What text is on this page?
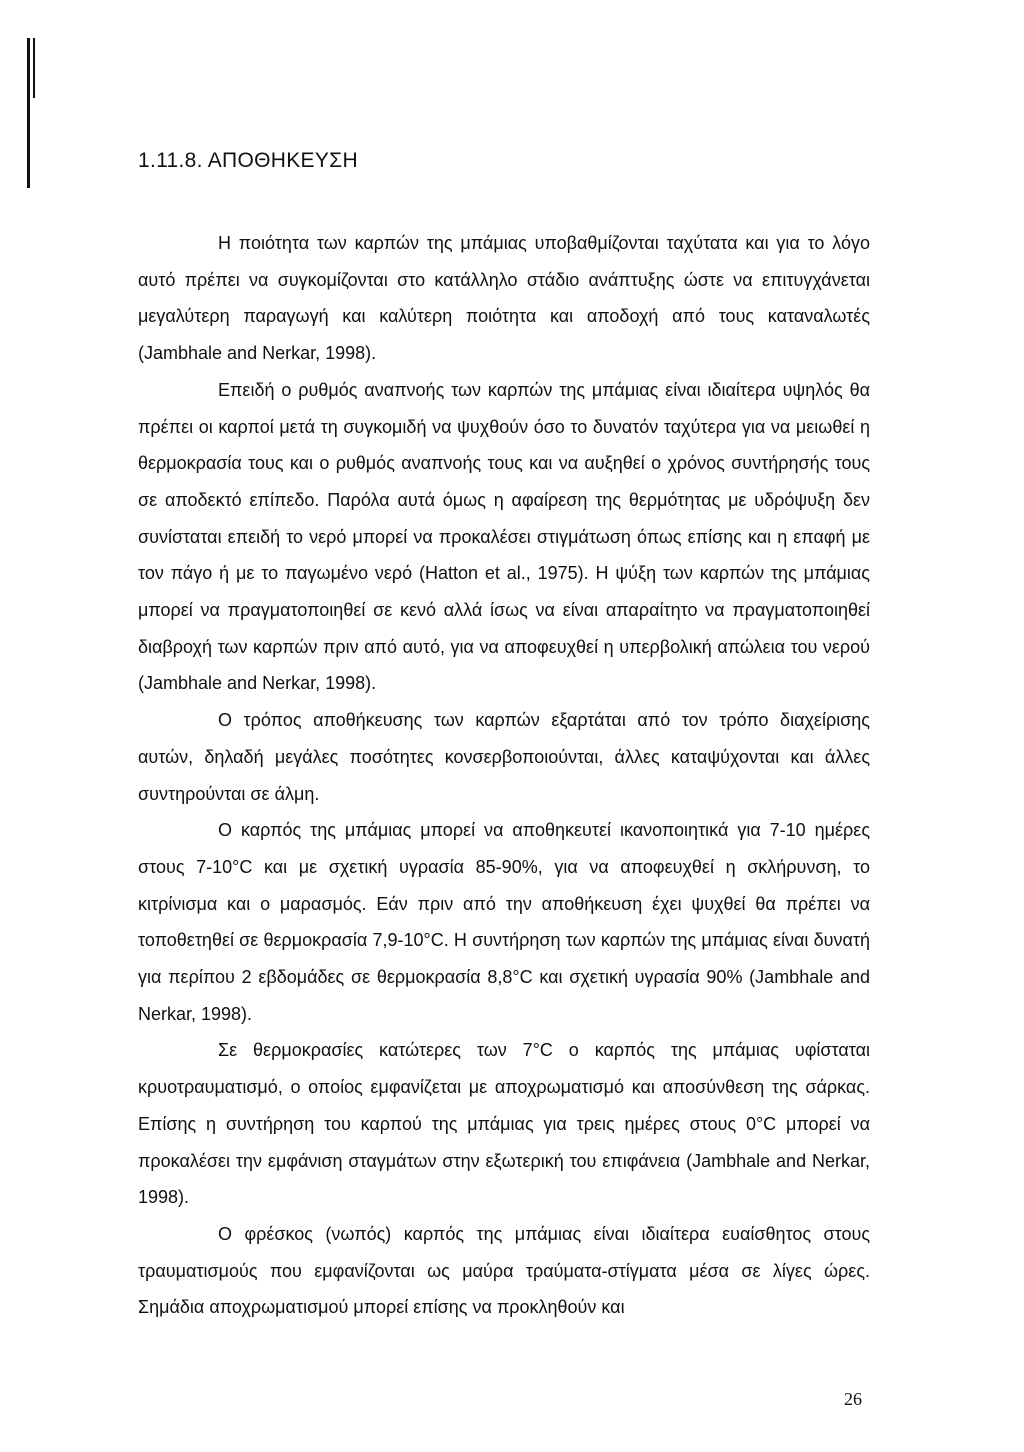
1.11.8. ΑΠΟΘΗΚΕΥΣΗ

Η ποιότητα των καρπών της μπάμιας υποβαθμίζονται ταχύτατα και για το λόγο αυτό πρέπει να συγκομίζονται στο κατάλληλο στάδιο ανάπτυξης ώστε να επιτυγχάνεται μεγαλύτερη παραγωγή και καλύτερη ποιότητα και αποδοχή από τους καταναλωτές (Jambhale and Nerkar, 1998).

Επειδή ο ρυθμός αναπνοής των καρπών της μπάμιας είναι ιδιαίτερα υψηλός θα πρέπει οι καρποί μετά τη συγκομιδή να ψυχθούν όσο το δυνατόν ταχύτερα για να μειωθεί η θερμοκρασία τους και ο ρυθμός αναπνοής τους και να αυξηθεί ο χρόνος συντήρησής τους σε αποδεκτό επίπεδο. Παρόλα αυτά όμως η αφαίρεση της θερμότητας με υδρόψυξη δεν συνίσταται επειδή το νερό μπορεί να προκαλέσει στιγμάτωση όπως επίσης και η επαφή με τον πάγο ή με το παγωμένο νερό (Hatton et al., 1975). Η ψύξη των καρπών της μπάμιας μπορεί να πραγματοποιηθεί σε κενό αλλά ίσως να είναι απαραίτητο να πραγματοποιηθεί διαβροχή των καρπών πριν από αυτό, για να αποφευχθεί η υπερβολική απώλεια του νερού (Jambhale and Nerkar, 1998).

Ο τρόπος αποθήκευσης των καρπών εξαρτάται από τον τρόπο διαχείρισης αυτών, δηλαδή μεγάλες ποσότητες κονσερβοποιούνται, άλλες καταψύχονται και άλλες συντηρούνται σε άλμη.

Ο καρπός της μπάμιας μπορεί να αποθηκευτεί ικανοποιητικά για 7-10 ημέρες στους 7-10°C και με σχετική υγρασία 85-90%, για να αποφευχθεί η σκλήρυνση, το κιτρίνισμα και ο μαρασμός. Εάν πριν από την αποθήκευση έχει ψυχθεί θα πρέπει να τοποθετηθεί σε θερμοκρασία 7,9-10°C. Η συντήρηση των καρπών της μπάμιας είναι δυνατή για περίπου 2 εβδομάδες σε θερμοκρασία 8,8°C και σχετική υγρασία 90% (Jambhale and Nerkar, 1998).

Σε θερμοκρασίες κατώτερες των 7°C ο καρπός της μπάμιας υφίσταται κρυοτραυματισμό, ο οποίος εμφανίζεται με αποχρωματισμό και αποσύνθεση της σάρκας. Επίσης η συντήρηση του καρπού της μπάμιας για τρεις ημέρες στους 0°C μπορεί να προκαλέσει την εμφάνιση σταγμάτων στην εξωτερική του επιφάνεια (Jambhale and Nerkar, 1998).

Ο φρέσκος (νωπός) καρπός της μπάμιας είναι ιδιαίτερα ευαίσθητος στους τραυματισμούς που εμφανίζονται ως μαύρα τραύματα-στίγματα μέσα σε λίγες ώρες. Σημάδια αποχρωματισμού μπορεί επίσης να προκληθούν και

26
